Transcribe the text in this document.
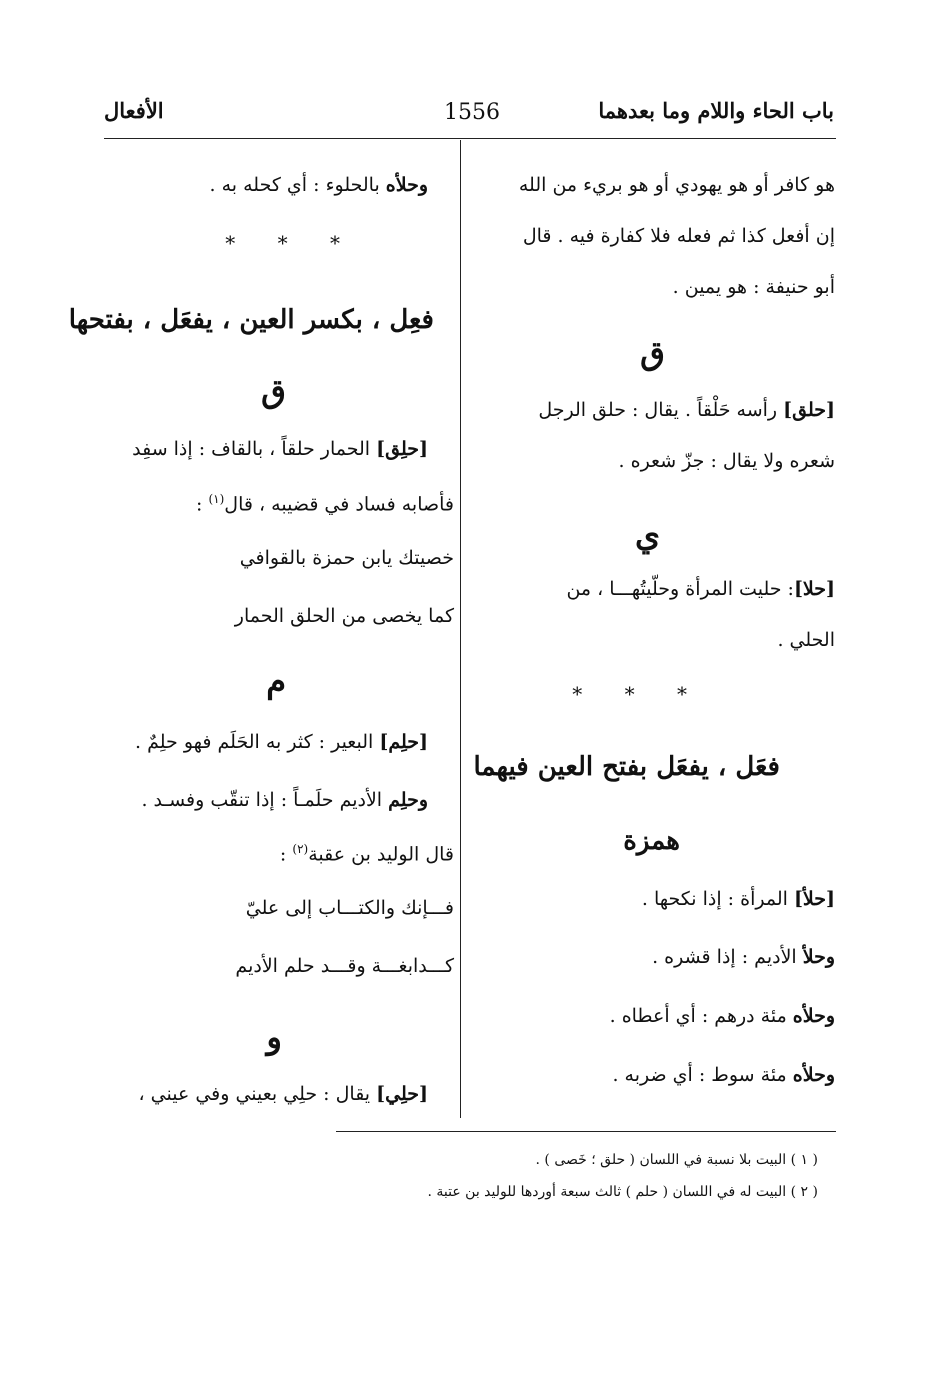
باب الحاء واللام وما بعدهما
1556
الأفعال
هو كافر أو هو يهودي أو هو بريء من الله
إن أفعل كذا ثم فعله فلا كفارة فيه . قال
أبو حنيفة : هو يمين .
ق
[حلق] رأسه حَلْقاً . يقال : حلق الرجل
شعره ولا يقال : جزّ شعره .
ي
[حلا]: حليت المرأة وحلّيتُهـــا ، من
الحلي .
* * *
فعَل ، يفعَل بفتح العين فيهما
همزة
[حلأ] المرأة : إذا نكحها .
وحلأ الأديم : إذا قشره .
وحلأه مئة درهم : أي أعطاه .
وحلأه مئة سوط : أي ضربه .
وحلأه بالحلوء : أي كحله به .
* * *
فعِل ، بكسر العين ، يفعَل ، بفتحها
ق
[حلِق] الحمار حلقاً ، بالقاف : إذا سفِد
فأصابه فساد في قضيبه ، قال$^{(١)}$ :
خصيتك يابن حمزة بالقوافي
كما يخصى من الحلق الحمار
م
[حلِم] البعير : كثر به الحَلَم فهو حلِمٌ .
وحلِم الأديم حلَمـاً : إذا تنقّب وفسـد .
قال الوليد بن عقبة$^{(٢)}$ :
فـــإنك والكتـــاب إلى عليّ
كـــدابغـــة وقـــد حلم الأديم
و
[حلِي] يقال : حلِي بعيني وفي عيني ،
( ١ ) البيت بلا نسبة في اللسان ( حلق ؛ خَصى ) .
( ٢ ) البيت له في اللسان ( حلم ) ثالث سبعة أوردها للوليد بن عتبة .
